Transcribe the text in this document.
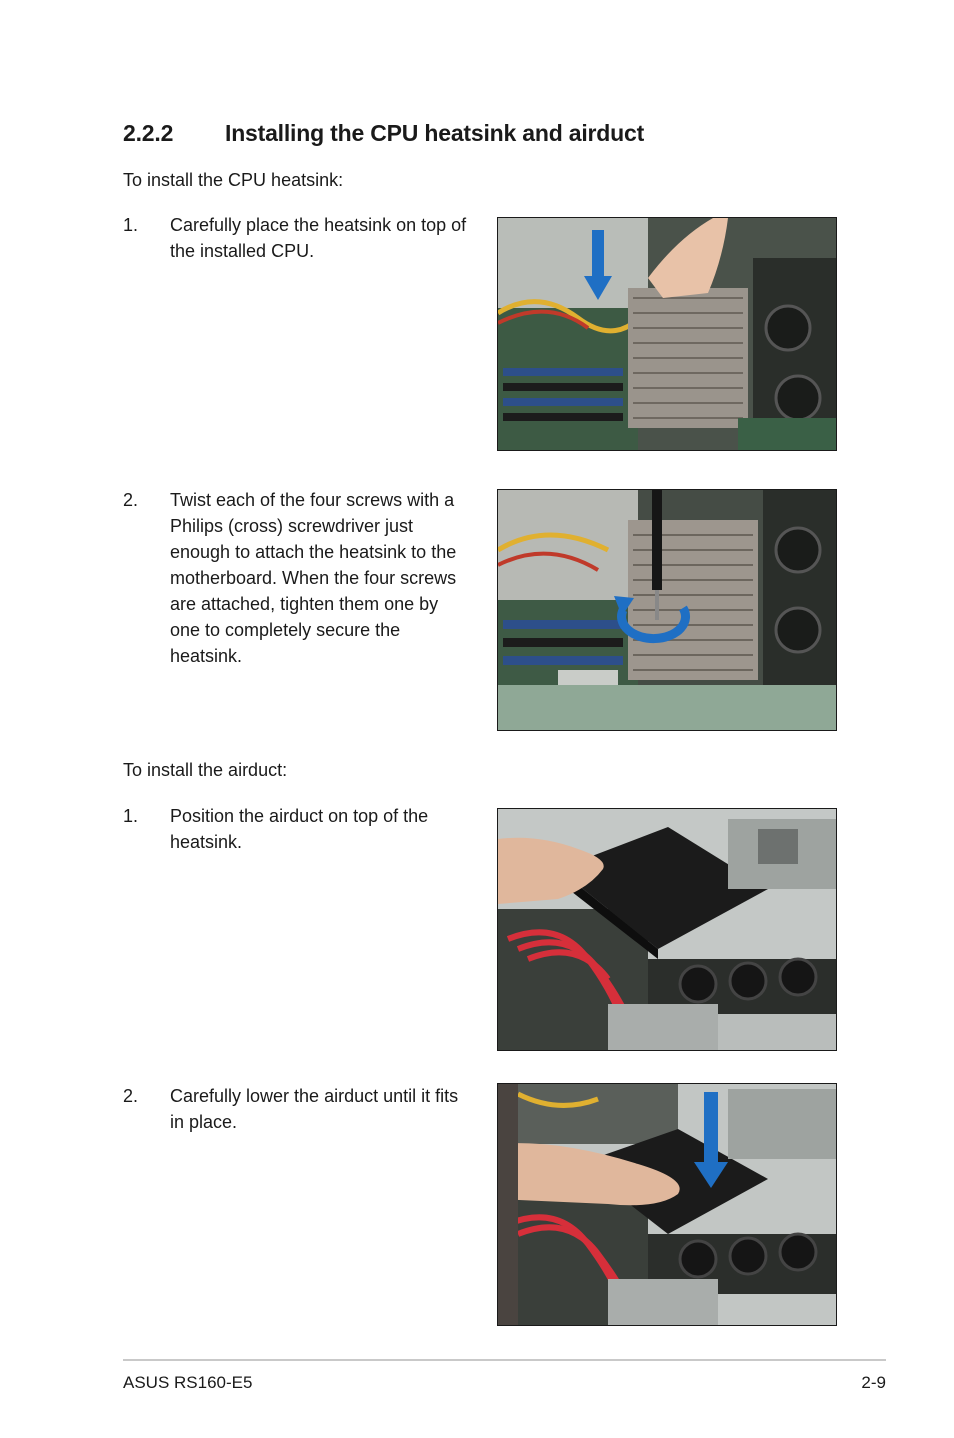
2.2.2 Installing the CPU heatsink and airduct
To install the CPU heatsink:
1. Carefully place the heatsink on top of the installed CPU.
2. Twist each of the four screws with a Philips (cross) screwdriver just enough to attach the heatsink to the motherboard. When the four screws are attached, tighten them one by one to completely secure the heatsink.
To install the airduct:
1. Position the airduct on top of the heatsink.
2. Carefully lower the airduct until it fits in place.
ASUS RS160-E5	2-9
